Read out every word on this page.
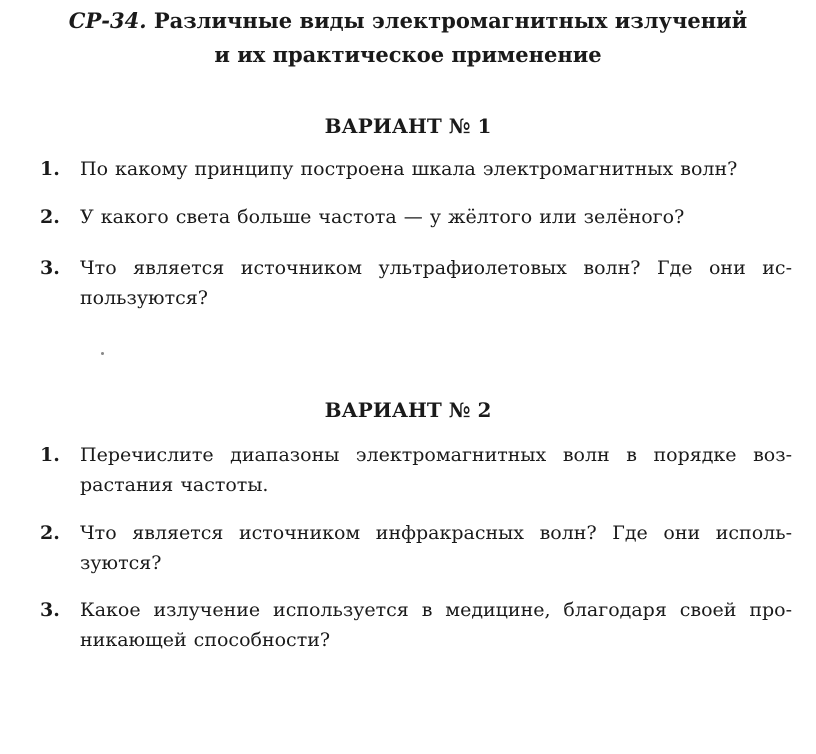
СР-34. Различные виды электромагнитных излучений
и их практическое применение
ВАРИАНТ № 1
1.	По какому принципу построена шкала электромагнитных волн?
2.	У какого света больше частота — у жёлтого или зелёного?
3.	Что является источником ультрафиолетовых волн? Где они ис-
пользуются?
ВАРИАНТ № 2
1.	Перечислите диапазоны электромагнитных волн в порядке воз-
растания частоты.
2.	Что является источником инфракрасных волн? Где они исполь-
зуются?
3.	Какое излучение используется в медицине, благодаря своей про-
никающей способности?
